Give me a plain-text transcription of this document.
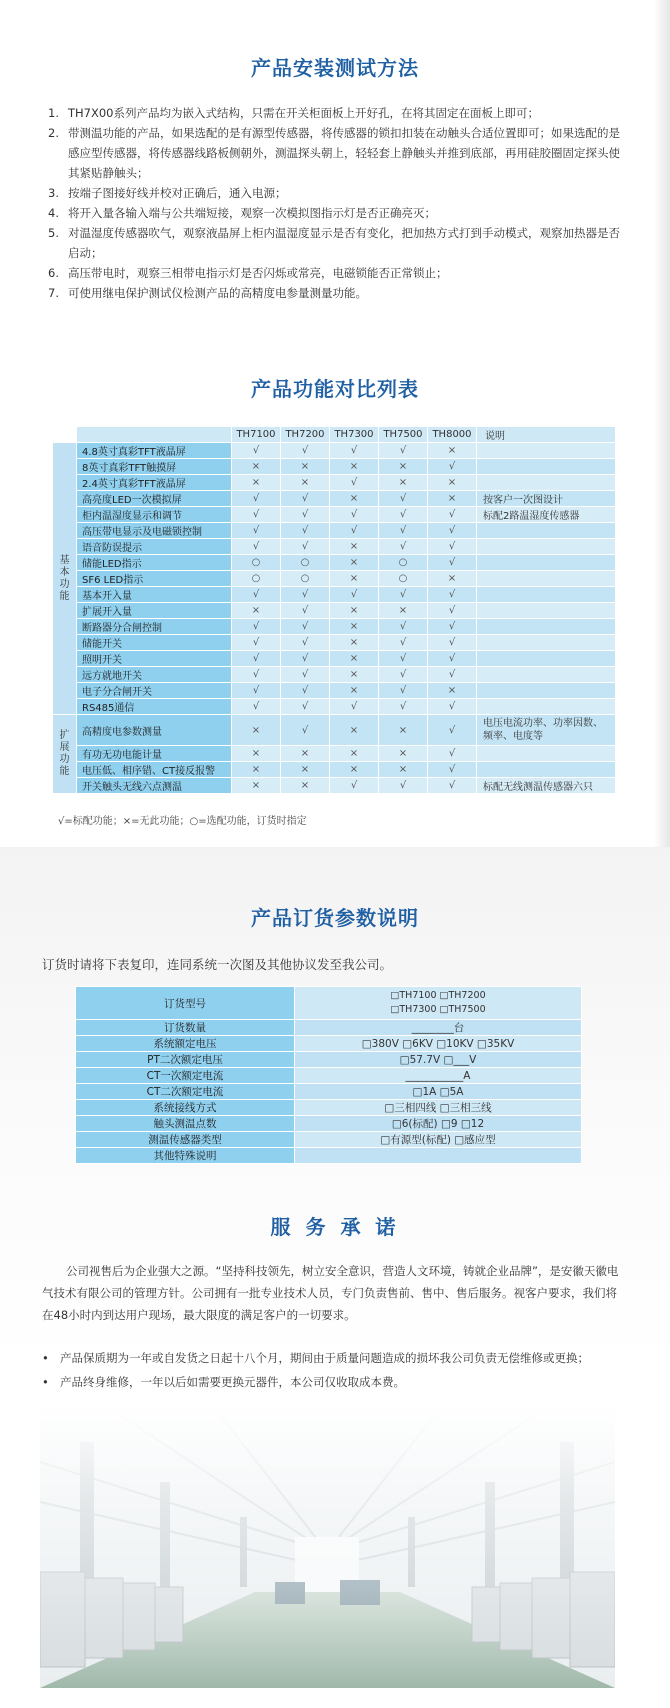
产品安装测试方法
1. TH7X00系列产品均为嵌入式结构，只需在开关柜面板上开好孔，在将其固定在面板上即可；
2. 带测温功能的产品，如果选配的是有源型传感器，将传感器的锁扣扣装在动触头合适位置即可；如果选配的是感应型传感器，将传感器线路板侧朝外，测温探头朝上，轻轻套上静触头并推到底部，再用硅胶圈固定探头使其紧贴静触头；
3. 按端子图接好线并校对正确后，通入电源；
4. 将开入量各输入端与公共端短接，观察一次模拟图指示灯是否正确亮灭；
5. 对温湿度传感器吹气，观察液晶屏上柜内温湿度显示是否有变化，把加热方式打到手动模式，观察加热器是否启动；
6. 高压带电时，观察三相带电指示灯是否闪烁或常亮，电磁锁能否正常锁止；
7. 可使用继电保护测试仪检测产品的高精度电参量测量功能。
产品功能对比列表
		TH7100	TH7200	TH7300	TH7500	TH8000	说明
基
本
功
能	4.8英寸真彩TFT液晶屏	√	√	√	√	×	
	8英寸真彩TFT触摸屏	×	×	×	×	√	
	2.4英寸真彩TFT液晶屏	×	×	√	×	×	
	高亮度LED一次模拟屏	√	√	×	√	×	按客户一次图设计
	柜内温湿度显示和调节	√	√	√	√	√	标配2路温湿度传感器
	高压带电显示及电磁锁控制	√	√	√	√	√	
	语音防误提示	√	√	×	√	√	
	储能LED指示	○	○	×	○	√	
	SF6 LED指示	○	○	×	○	×	
	基本开入量	√	√	√	√	√	
	扩展开入量	×	√	×	×	√	
	断路器分合闸控制	√	√	×	√	√	
	储能开关	√	√	×	√	√	
	照明开关	√	√	×	√	√	
	远方就地开关	√	√	×	√	√	
	电子分合闸开关	√	√	×	√	×	
	RS485通信	√	√	√	√	√	
扩
展
功
能	高精度电参数测量	×	√	×	×	√	电压电流功率、功率因数、频率、电度等
	有功无功电能计量	×	×	×	×	√	
	电压低、相序错、CT接反报警	×	×	×	×	√	
	开关触头无线六点测温	×	×	√	√	√	标配无线测温传感器六只
√=标配功能；×=无此功能；○=选配功能，订货时指定
产品订货参数说明
订货时请将下表复印，连同系统一次图及其他协议发至我公司。
订货型号	□TH7100 □TH7200
□TH7300 □TH7500

订货数量	________台
系统额定电压	□380V □6KV □10KV □35KV
PT二次额定电压	□57.7V □___V
CT一次额定电流	___________A
CT二次额定电流	□1A □5A
系统接线方式	□三相四线 □三相三线
触头测温点数	□6(标配) □9 □12
测温传感器类型	□有源型(标配) □感应型
其他特殊说明	
服 务 承 诺

公司视售后为企业强大之源。“坚持科技领先，树立安全意识，营造人文环境，铸就企业品牌”，是安徽天徽电气技术有限公司的管理方针。公司拥有一批专业技术人员，专门负责售前、售中、售后服务。视客户要求，我们将在48小时内到达用户现场，最大限度的满足客户的一切要求。

• 产品保质期为一年或自发货之日起十八个月，期间由于质量问题造成的损坏我公司负责无偿维修或更换；
• 产品终身维修，一年以后如需要更换元器件，本公司仅收取成本费。
